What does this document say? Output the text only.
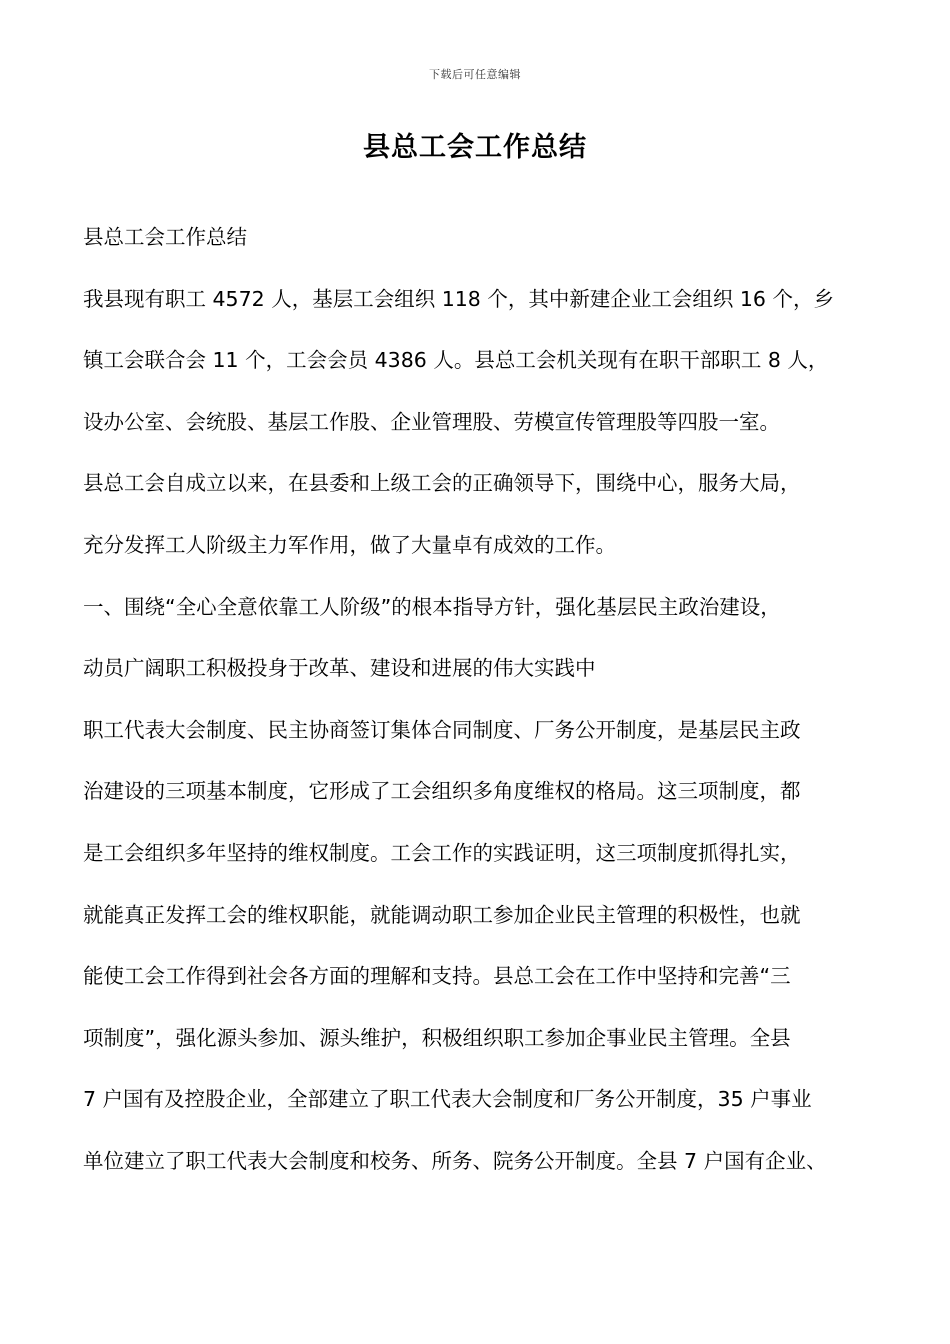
下载后可任意编辑
县总工会工作总结
县总工会工作总结
我县现有职工 4572 人，基层工会组织 118 个，其中新建企业工会组织 16 个，乡
镇工会联合会 11 个，工会会员 4386 人。县总工会机关现有在职干部职工 8 人，
设办公室、会统股、基层工作股、企业管理股、劳模宣传管理股等四股一室。
县总工会自成立以来，在县委和上级工会的正确领导下，围绕中心，服务大局，
充分发挥工人阶级主力军作用，做了大量卓有成效的工作。
一、围绕“全心全意依靠工人阶级”的根本指导方针，强化基层民主政治建设，
动员广阔职工积极投身于改革、建设和进展的伟大实践中
职工代表大会制度、民主协商签订集体合同制度、厂务公开制度，是基层民主政
治建设的三项基本制度，它形成了工会组织多角度维权的格局。这三项制度，都
是工会组织多年坚持的维权制度。工会工作的实践证明，这三项制度抓得扎实，
就能真正发挥工会的维权职能，就能调动职工参加企业民主管理的积极性，也就
能使工会工作得到社会各方面的理解和支持。县总工会在工作中坚持和完善“三
项制度”，强化源头参加、源头维护，积极组织职工参加企事业民主管理。全县
7 户国有及控股企业，全部建立了职工代表大会制度和厂务公开制度，35 户事业
单位建立了职工代表大会制度和校务、所务、院务公开制度。全县 7 户国有企业、
